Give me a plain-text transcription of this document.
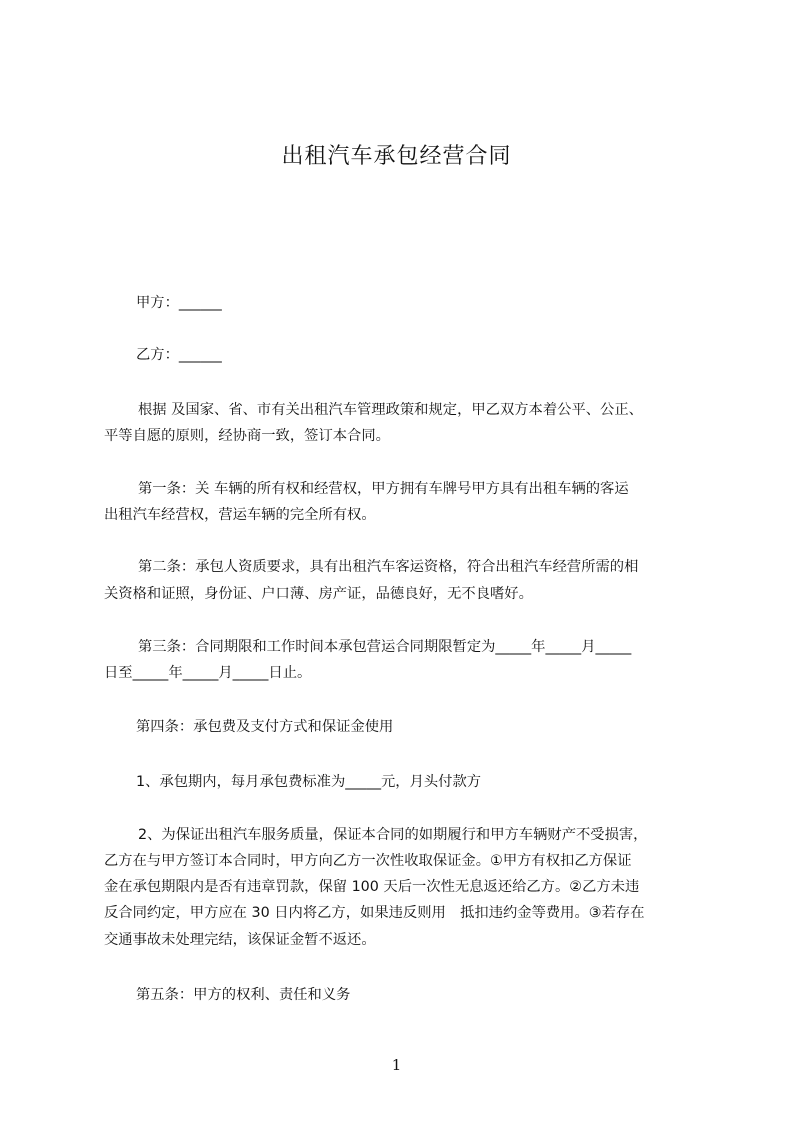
出租汽车承包经营合同
甲方：______
乙方：______
根据 及国家、省、市有关出租汽车管理政策和规定，甲乙双方本着公平、公正、
平等自愿的原则，经协商一致，签订本合同。
第一条：关 车辆的所有权和经营权，甲方拥有车牌号甲方具有出租车辆的客运
出租汽车经营权，营运车辆的完全所有权。
第二条：承包人资质要求，具有出租汽车客运资格，符合出租汽车经营所需的相
关资格和证照，身份证、户口薄、房产证，品德良好，无不良嗜好。
第三条：合同期限和工作时间本承包营运合同期限暂定为_____年_____月_____
日至_____年_____月_____日止。
第四条：承包费及支付方式和保证金使用
1、承包期内，每月承包费标准为_____元，月头付款方
2、为保证出租汽车服务质量，保证本合同的如期履行和甲方车辆财产不受损害，
乙方在与甲方签订本合同时，甲方向乙方一次性收取保证金。①甲方有权扣乙方保证
金在承包期限内是否有违章罚款，保留 100 天后一次性无息返还给乙方。②乙方未违
反合同约定，甲方应在 30 日内将乙方，如果违反则用　抵扣违约金等费用。③若存在
交通事故未处理完结，该保证金暂不返还。
第五条：甲方的权利、责任和义务
1
